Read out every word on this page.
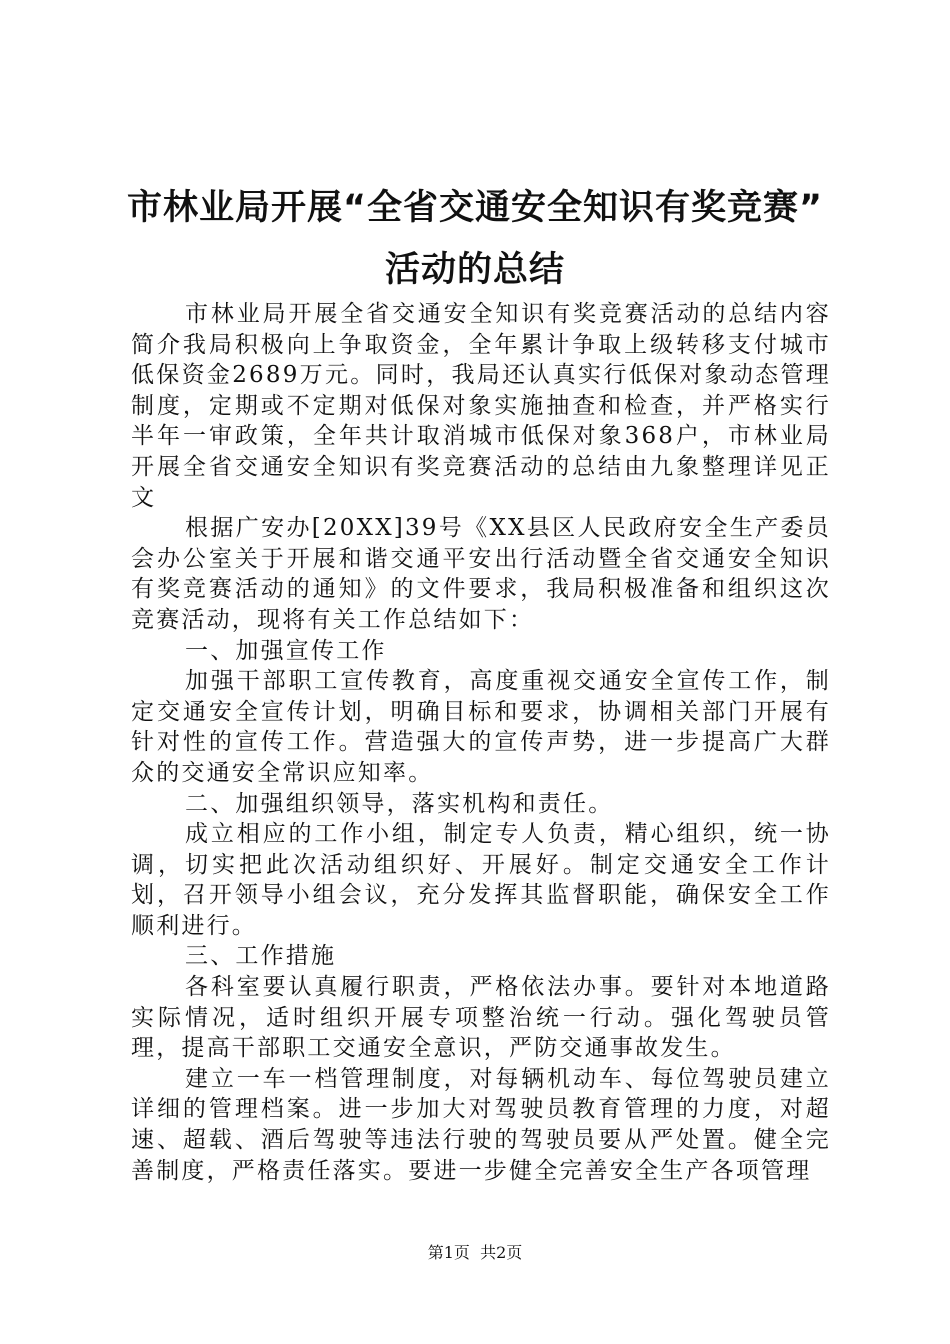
市林业局开展“全省交通安全知识有奖竞赛”
活动的总结

市林业局开展全省交通安全知识有奖竞赛活动的总结内容简介我局积极向上争取资金，全年累计争取上级转移支付城市低保资金2689万元。同时，我局还认真实行低保对象动态管理制度，定期或不定期对低保对象实施抽查和检查，并严格实行半年一审政策，全年共计取消城市低保对象368户，市林业局开展全省交通安全知识有奖竞赛活动的总结由九象整理详见正文

根据广安办[20XX]39号《XX县区人民政府安全生产委员会办公室关于开展和谐交通平安出行活动暨全省交通安全知识有奖竞赛活动的通知》的文件要求，我局积极准备和组织这次竞赛活动，现将有关工作总结如下：

一、加强宣传工作

加强干部职工宣传教育，高度重视交通安全宣传工作，制定交通安全宣传计划，明确目标和要求，协调相关部门开展有针对性的宣传工作。营造强大的宣传声势，进一步提高广大群众的交通安全常识应知率。

二、加强组织领导，落实机构和责任。

成立相应的工作小组，制定专人负责，精心组织，统一协调，切实把此次活动组织好、开展好。制定交通安全工作计划，召开领导小组会议，充分发挥其监督职能，确保安全工作顺利进行。

三、工作措施

各科室要认真履行职责，严格依法办事。要针对本地道路实际情况，适时组织开展专项整治统一行动。强化驾驶员管理，提高干部职工交通安全意识，严防交通事故发生。

建立一车一档管理制度，对每辆机动车、每位驾驶员建立详细的管理档案。进一步加大对驾驶员教育管理的力度，对超速、超载、酒后驾驶等违法行驶的驾驶员要从严处置。健全完善制度，严格责任落实。要进一步健全完善安全生产各项管理

第1页  共2页
